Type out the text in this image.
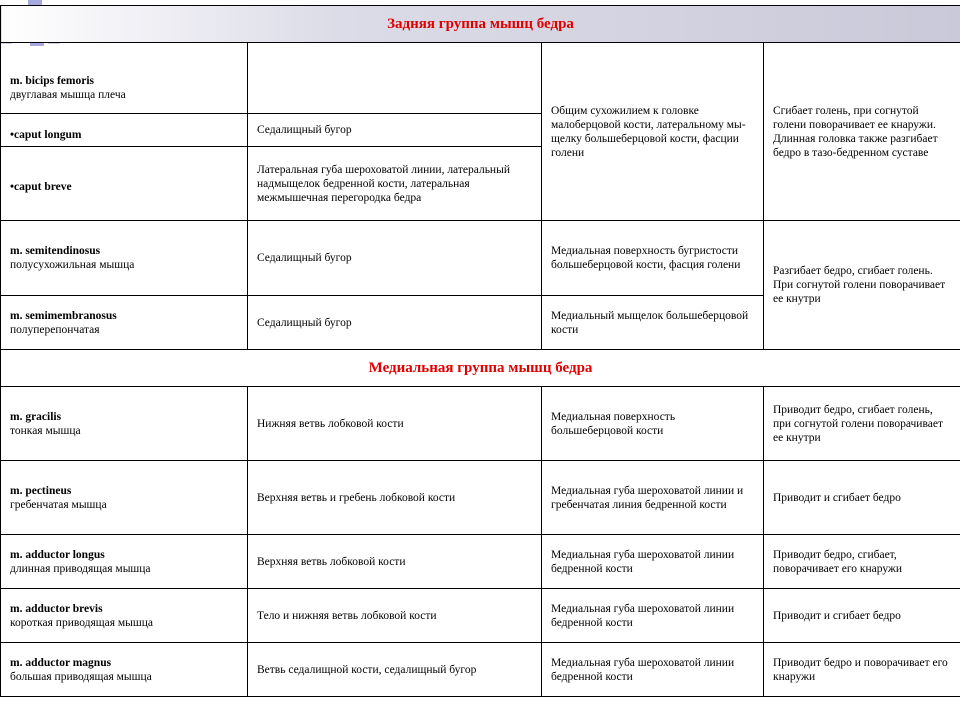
Задняя группа мышц бедра			

m. bicips femoris
двуглавая мышца плеча		Общим сухожилием к головке малоберцовой кости, латеральному мы-щелку большеберцовой кости, фасции голени	Сгибает голень, при согнутой голени поворачивает ее кнаружи.
Длинная головка также разгибает бедро в тазо-бедренном суставе

•caput longum	Седалищный бугор		
•caput breve	Латеральная губа шероховатой линии, латеральный надмыщелок бедренной кости, латеральная межмышечная перегородка бедра		

m. semitendinosus
полусухожильная мышца	Седалищный бугор	Медиальная поверхность бугристости большеберцовой кости, фасция голени	Разгибает бедро, сгибает голень. При согнутой голени поворачивает ее кнутри

m. semimembranosus
полуперепончатая	Седалищный бугор	Медиальный мыщелок большеберцовой кости	
Медиальная группа мышц бедра			

m. gracilis
тонкая мышца	Нижняя ветвь лобковой кости	Медиальная поверхность большеберцовой кости	Приводит бедро, сгибает голень, при согнутой голени поворачивает ее кнутри

m. pectineus
гребенчатая мышца	Верхняя ветвь и гребень лобковой кости	Медиальная губа шероховатой линии и гребенчатая линия бедренной кости	Приводит и сгибает бедро

m. adductor longus
длинная приводящая мышца	Верхняя ветвь лобковой кости	Медиальная губа шероховатой линии бедренной кости	Приводит бедро, сгибает, поворачивает его кнаружи

m. adductor brevis
короткая приводящая мышца	Тело и нижняя ветвь лобковой кости	Медиальная губа шероховатой линии бедренной кости	Приводит и сгибает бедро

m. adductor magnus
большая приводящая мышца	Ветвь седалищной кости, седалищный бугор	Медиальная губа шероховатой линии бедренной кости	Приводит бедро и поворачивает его кнаружи
